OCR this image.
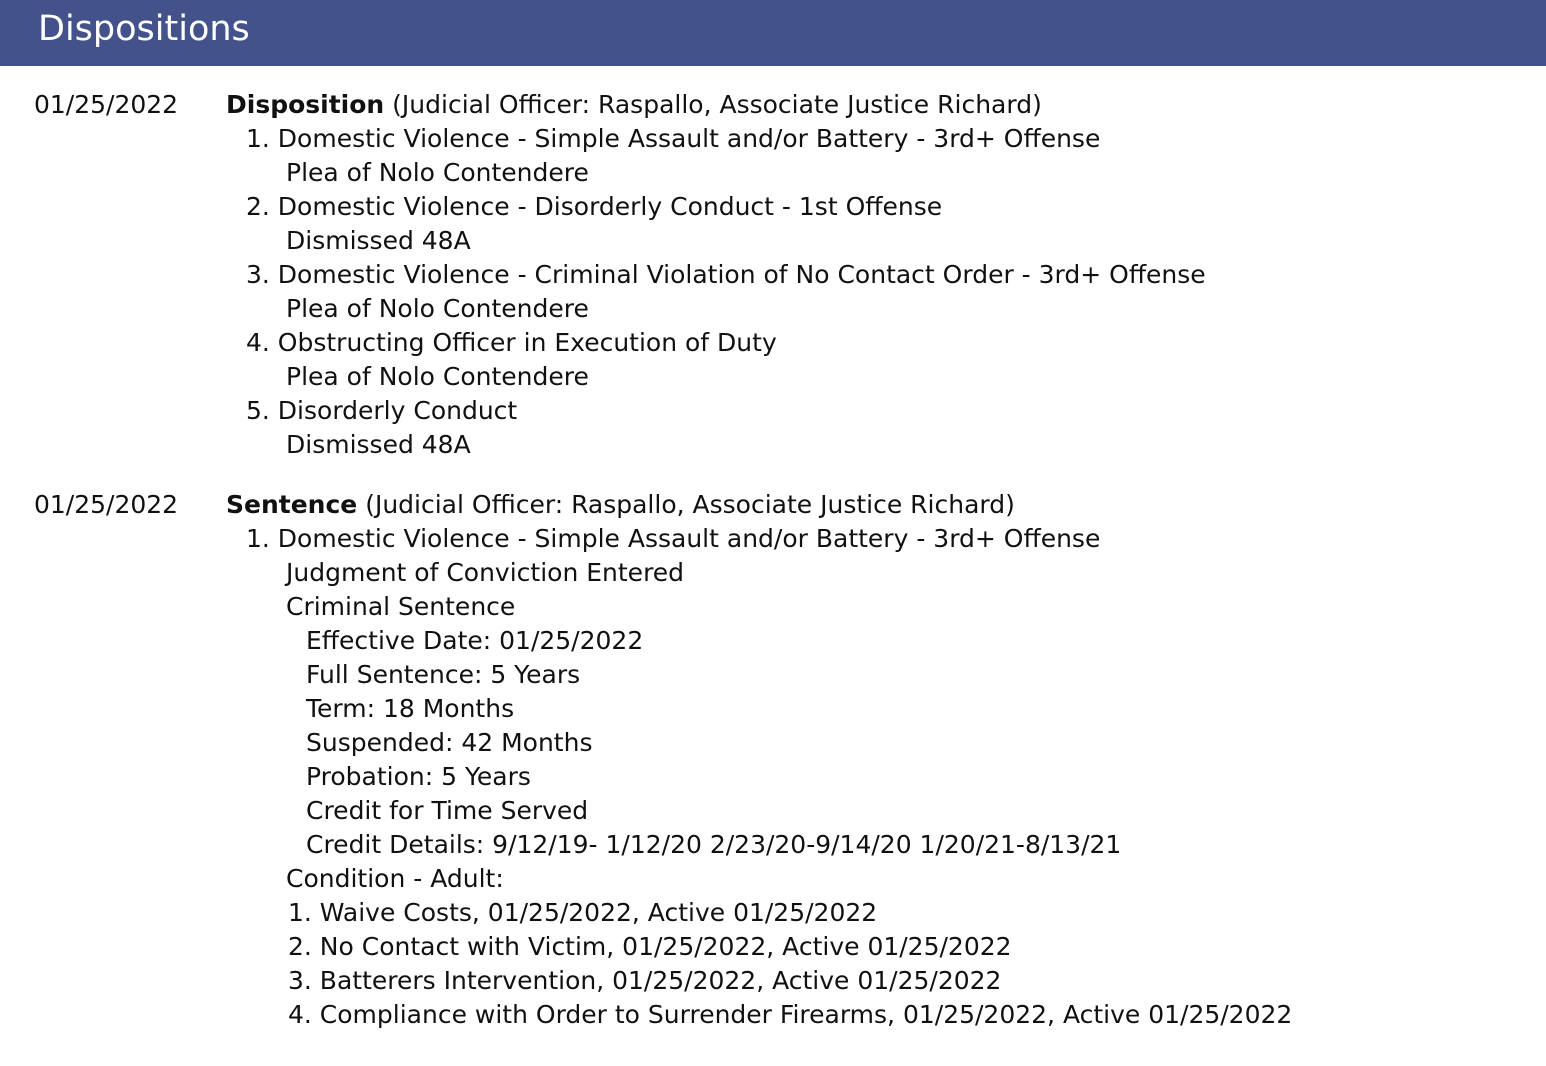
Dispositions
01/25/2022 Disposition (Judicial Officer: Raspallo, Associate Justice Richard)
1. Domestic Violence - Simple Assault and/or Battery - 3rd+ Offense
Plea of Nolo Contendere
2. Domestic Violence - Disorderly Conduct - 1st Offense
Dismissed 48A
3. Domestic Violence - Criminal Violation of No Contact Order - 3rd+ Offense
Plea of Nolo Contendere
4. Obstructing Officer in Execution of Duty
Plea of Nolo Contendere
5. Disorderly Conduct
Dismissed 48A
01/25/2022 Sentence (Judicial Officer: Raspallo, Associate Justice Richard)
1. Domestic Violence - Simple Assault and/or Battery - 3rd+ Offense
Judgment of Conviction Entered
Criminal Sentence
Effective Date: 01/25/2022
Full Sentence: 5 Years
Term: 18 Months
Suspended: 42 Months
Probation: 5 Years
Credit for Time Served
Credit Details: 9/12/19- 1/12/20 2/23/20-9/14/20 1/20/21-8/13/21
Condition - Adult:
1. Waive Costs, 01/25/2022, Active 01/25/2022
2. No Contact with Victim, 01/25/2022, Active 01/25/2022
3. Batterers Intervention, 01/25/2022, Active 01/25/2022
4. Compliance with Order to Surrender Firearms, 01/25/2022, Active 01/25/2022
